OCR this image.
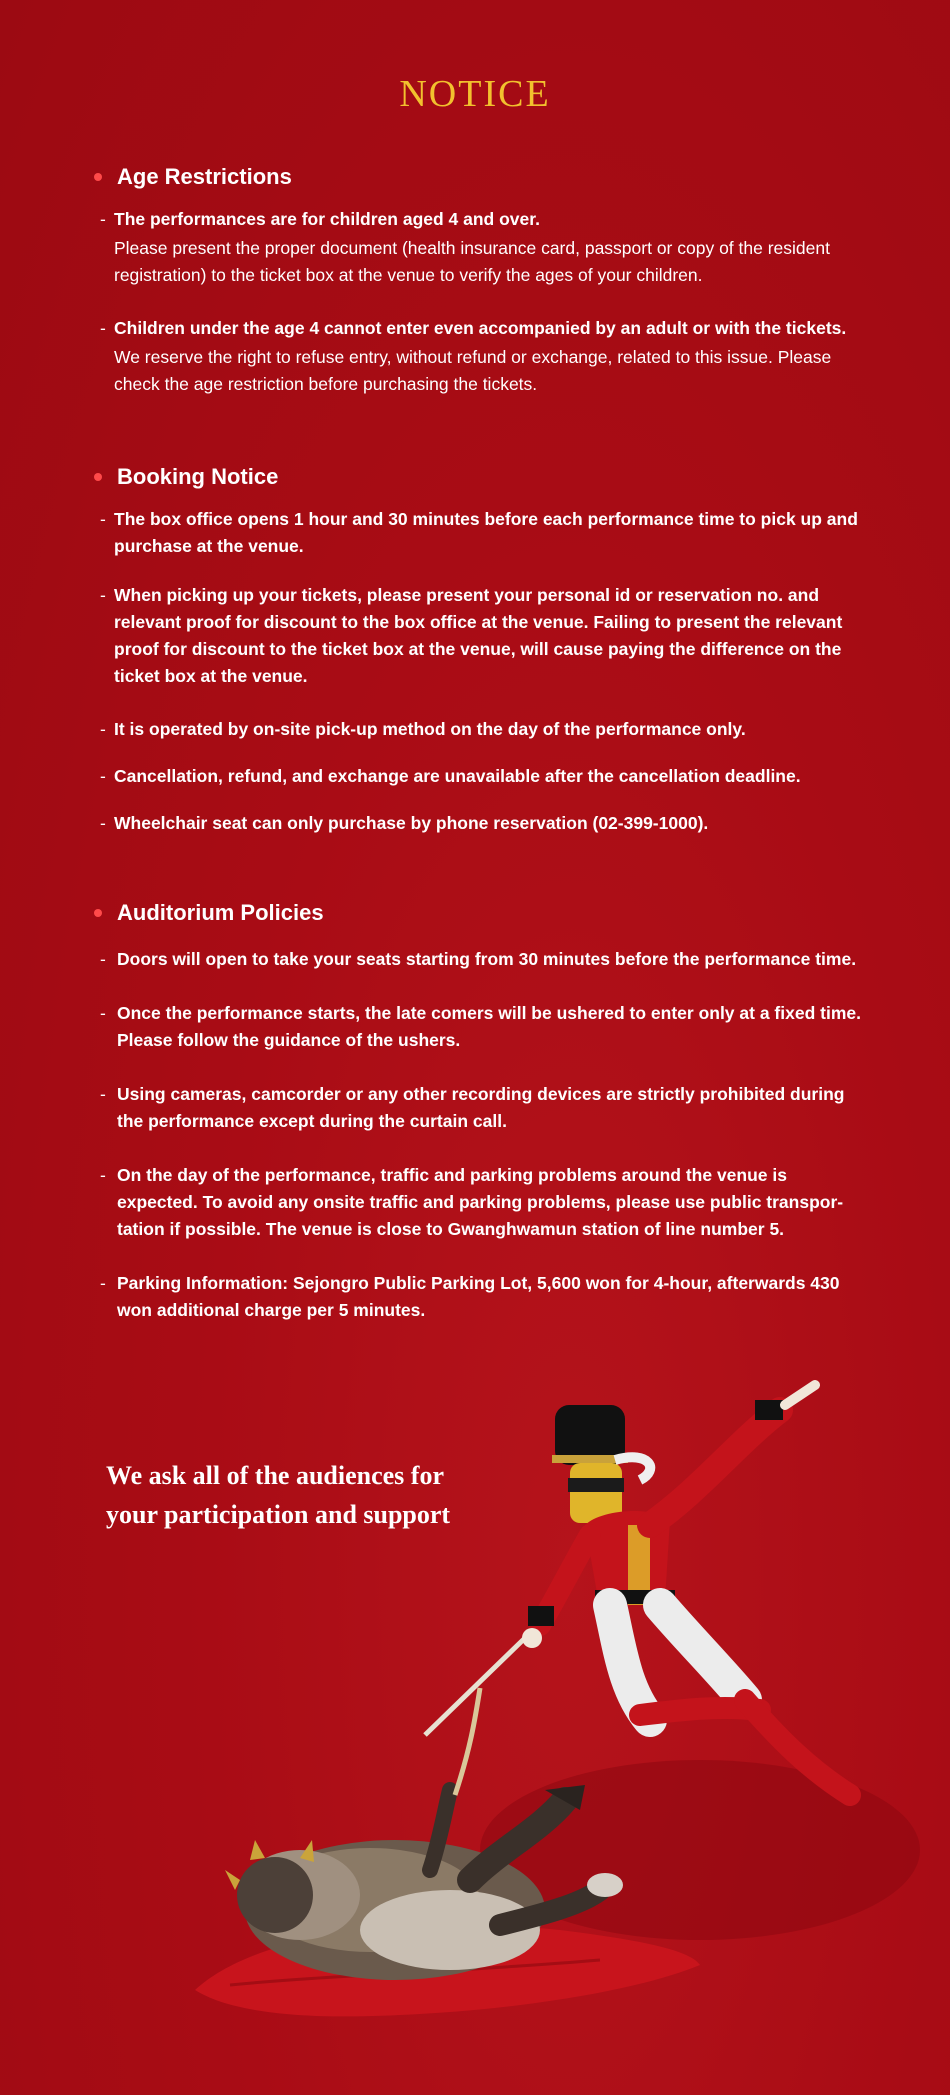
NOTICE
Age Restrictions
- The performances are for children aged 4 and over.
Please present the proper document (health insurance card, passport or copy of the resident registration) to the ticket box at the venue to verify the ages of your children.
- Children under the age 4 cannot enter even accompanied by an adult or with the tickets.
We reserve the right to refuse entry, without refund or exchange, related to this issue. Please check the age restriction before purchasing the tickets.
Booking Notice
- The box office opens 1 hour and 30 minutes before each performance time to pick up and purchase at the venue.
- When picking up your tickets, please present your personal id or reservation no. and relevant proof for discount to the box office at the venue. Failing to present the relevant proof for discount to the ticket box at the venue, will cause paying the difference on the ticket box at the venue.
- It is operated by on-site pick-up method on the day of the performance only.
- Cancellation, refund, and exchange are unavailable after the cancellation deadline.
- Wheelchair seat can only purchase by phone reservation (02-399-1000).
Auditorium Policies
- Doors will open to take your seats starting from 30 minutes before the performance time.
- Once the performance starts, the late comers will be ushered to enter only at a fixed time. Please follow the guidance of the ushers.
- Using cameras, camcorder or any other recording devices are strictly prohibited during the performance except during the curtain call.
- On the day of the performance, traffic and parking problems around the venue is expected. To avoid any onsite traffic and parking problems, please use public transpor-tation if possible. The venue is close to Gwanghwamun station of line number 5.
- Parking Information: Sejongro Public Parking Lot, 5,600 won for 4-hour, afterwards 430 won additional charge per 5 minutes.
We ask all of the audiences for
your participation and support
